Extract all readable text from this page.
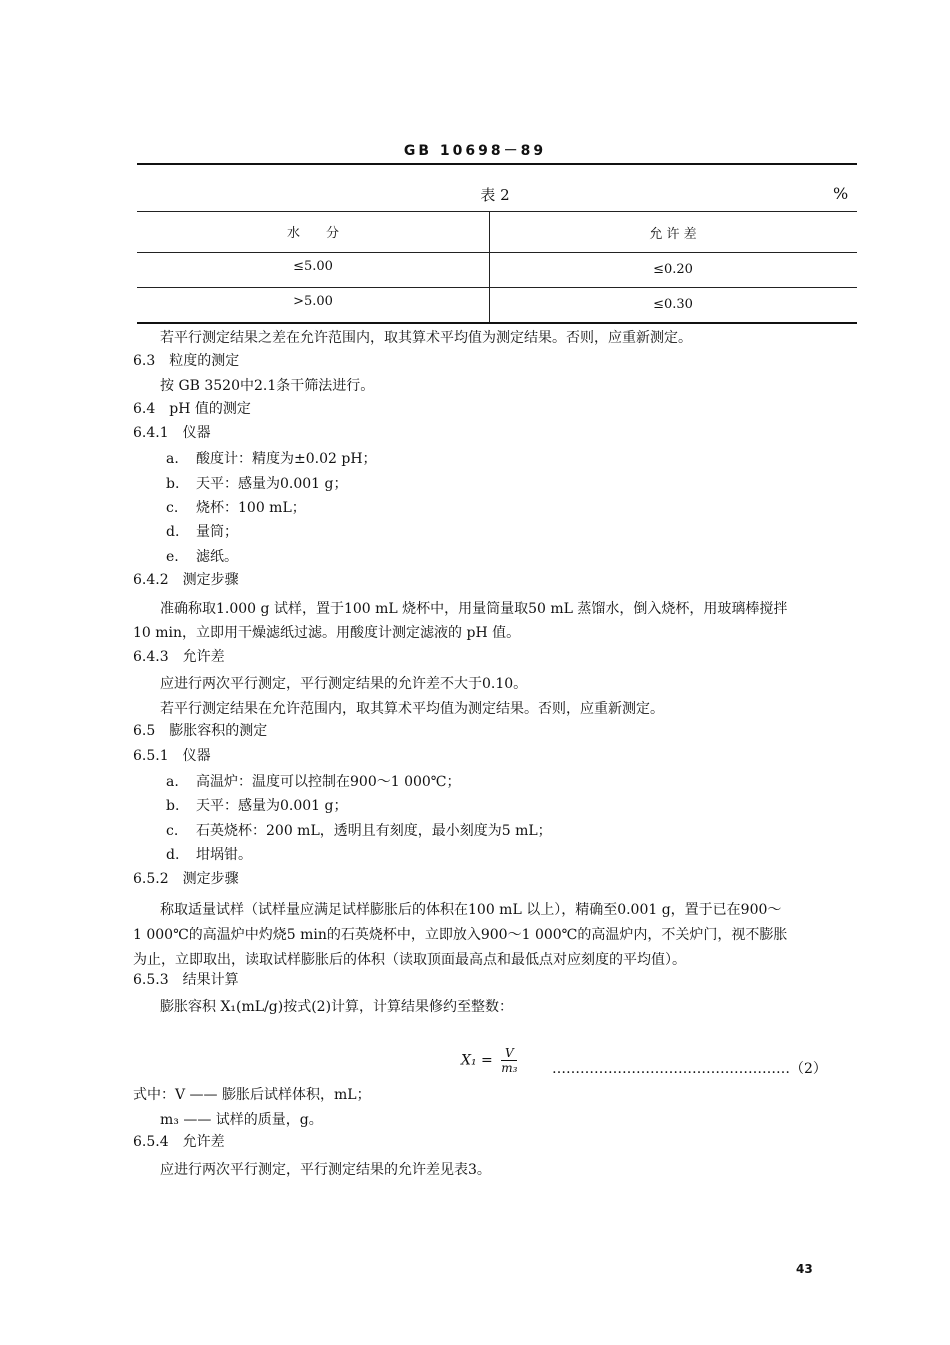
GB 10698－89
表 2	%
水　　分	允 许 差
≤5.00	≤0.20
>5.00	≤0.30
若平行测定结果之差在允许范围内，取其算术平均值为测定结果。否则，应重新测定。
6.3　粒度的测定
按 GB 3520中2.1条干筛法进行。
6.4　pH 值的测定
6.4.1　仪器
a. 酸度计：精度为±0.02 pH；
b. 天平：感量为0.001 g；
c. 烧杯：100 mL；
d. 量筒；
e. 滤纸。
6.4.2　测定步骤
准确称取1.000 g 试样，置于100 mL 烧杯中，用量筒量取50 mL 蒸馏水，倒入烧杯，用玻璃棒搅拌
10 min，立即用干燥滤纸过滤。用酸度计测定滤液的 pH 值。
6.4.3　允许差
应进行两次平行测定，平行测定结果的允许差不大于0.10。
若平行测定结果在允许范围内，取其算术平均值为测定结果。否则，应重新测定。
6.5　膨胀容积的测定
6.5.1　仪器
a. 高温炉：温度可以控制在900～1 000℃；
b. 天平：感量为0.001 g；
c. 石英烧杯：200 mL，透明且有刻度，最小刻度为5 mL；
d. 坩埚钳。
6.5.2　测定步骤
称取适量试样（试样量应满足试样膨胀后的体积在100 mL 以上），精确至0.001 g，置于已在900～
1 000℃的高温炉中灼烧5 min的石英烧杯中，立即放入900～1 000℃的高温炉内，不关炉门，视不膨胀
为止，立即取出，读取试样膨胀后的体积（读取顶面最高点和最低点对应刻度的平均值）。
6.5.3　结果计算
膨胀容积 X₁(mL/g)按式(2)计算，计算结果修约至整数：
$X_1 = \frac{V}{\text{m₃}}$ ……………………………………………（2）
式中：V —— 膨胀后试样体积，mL；
m₃ —— 试样的质量，g。
6.5.4　允许差
应进行两次平行测定，平行测定结果的允许差见表3。
43
